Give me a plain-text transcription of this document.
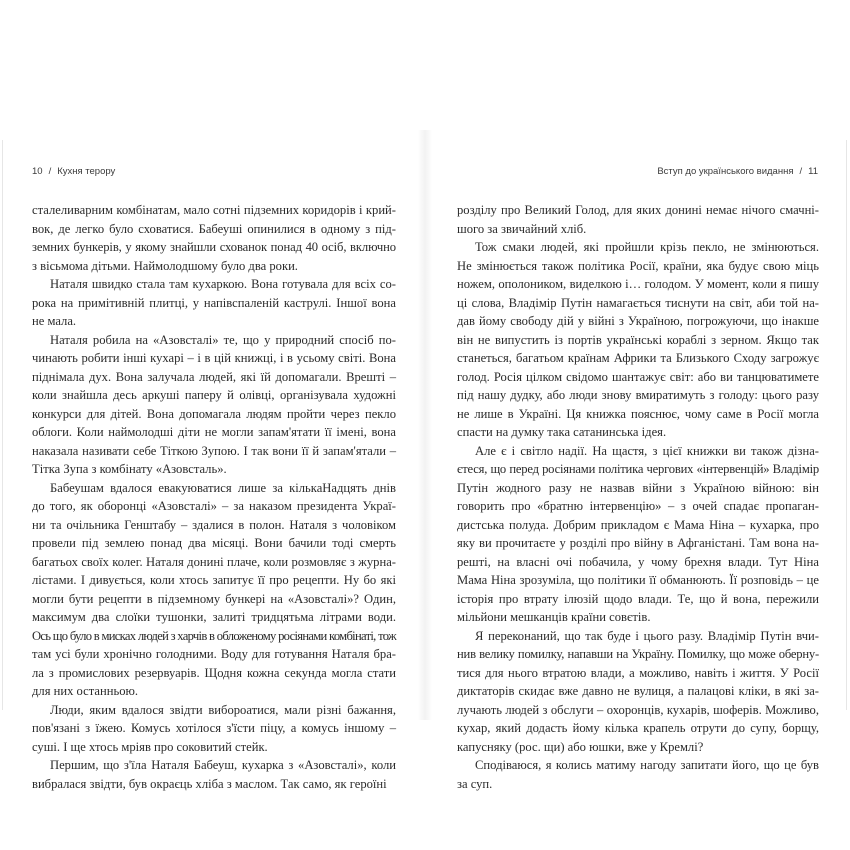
10 / Кухня терору	Вступ до українського видання / 11

сталеливарним комбінатам, мало сотні підземних коридорів і крий-
вок, де легко було сховатися. Бабеуші опинилися в одному з під-
земних бункерів, у якому знайшли схованок понад 40 осіб, включно
з вісьмома дітьми. Наймолодшому було два роки.

Наталя швидко стала там кухаркою. Вона готувала для всіх со-
рока на примітивній плитці, у напівспаленій каструлі. Іншої вона
не мала.

Наталя робила на «Азовсталі» те, що у природний спосіб по-
чинають робити інші кухарі – і в цій книжці, і в усьому світі. Вона
піднімала дух. Вона залучала людей, які їй допомагали. Врешті –
коли знайшла десь аркуші паперу й олівці, організувала художні
конкурси для дітей. Вона допомагала людям пройти через пекло
облоги. Коли наймолодші діти не могли запам'ятати її імені, вона
наказала називати себе Тіткою Зупою. І так вони її й запам'ятали –
Тітка Зупа з комбінату «Азовсталь».

Бабеушам вдалося евакуюватися лише за кількаНадцять днів
до того, як оборонці «Азовсталі» – за наказом президента Украї-
ни та очільника Генштабу – здалися в полон. Наталя з чоловіком
провели під землею понад два місяці. Вони бачили тоді смерть
багатьох своїх колег. Наталя донині плаче, коли розмовляє з журна-
лістами. І дивується, коли хтось запитує її про рецепти. Ну бо які
могли бути рецепти в підземному бункері на «Азовсталі»? Один,
максимум два слоїки тушонки, залиті тридцятьма літрами води.
Ось що було в мисках людей з харчів в обложеному росіянами комбінаті, тож
там усі були хронічно голодними. Воду для готування Наталя бра-
ла з промислових резервуарів. Щодня кожна секунда могла стати
для них останньою.

Люди, яким вдалося звідти вибороатися, мали різні бажання,
пов'язані з їжею. Комусь хотілося з'їсти піцу, а комусь іншому –
суші. І ще хтось мріяв про соковитий стейк.

Першим, що з'їла Наталя Бабеуш, кухарка з «Азовсталі», коли
вибралася звідти, був окраєць хліба з маслом. Так само, як героїні

розділу про Великий Голод, для яких донині немає нічого смачні-
шого за звичайний хліб.

Тож смаки людей, які пройшли крізь пекло, не змінюються.
Не змінюється також політика Росії, країни, яка будує свою міць
ножем, ополоником, виделкою і… голодом. У момент, коли я пишу
ці слова, Владімір Путін намагається тиснути на світ, аби той на-
дав йому свободу дій у війні з Україною, погрожуючи, що інакше
він не випустить із портів українські кораблі з зерном. Якщо так
станеться, багатьом країнам Африки та Близького Сходу загрожує
голод. Росія цілком свідомо шантажує світ: або ви танцюватимете
під нашу дудку, або люди знову вмиратимуть з голоду: цього разу
не лише в Україні. Ця книжка пояснює, чому саме в Росії могла
спасти на думку така сатанинська ідея.

Але є і світло надії. На щастя, з цієї книжки ви також дізна-
єтеся, що перед росіянами політика чергових «інтервенцій» Владімір
Путін жодного разу не назвав війни з Україною війною: він
говорить про «братню інтервенцію» – з очей спадає пропаган-
дистська полуда. Добрим прикладом є Мама Ніна – кухарка, про
яку ви прочитаєте у розділі про війну в Афганістані. Там вона на-
решті, на власні очі побачила, у чому брехня влади. Тут Ніна
Мама Ніна зрозуміла, що політики її обманюють. Її розповідь – це
історія про втрату ілюзій щодо влади. Те, що й вона, пережили
мільйони мешканців країни совєтів.

Я переконаний, що так буде і цього разу. Владімір Путін вчи-
нив велику помилку, напавши на Україну. Помилку, що може оберну-
тися для нього втратою влади, а можливо, навіть і життя. У Росії
диктаторів скидає вже давно не вулиця, а палацові кліки, в які за-
лучають людей з обслуги – охоронців, кухарів, шоферів. Можливо,
кухар, який додасть йому кілька крапель отрути до супу, борщу,
капусняку (рос. щи) або юшки, вже у Кремлі?

Сподіваюся, я колись матиму нагоду запитати його, що це був
за суп.
